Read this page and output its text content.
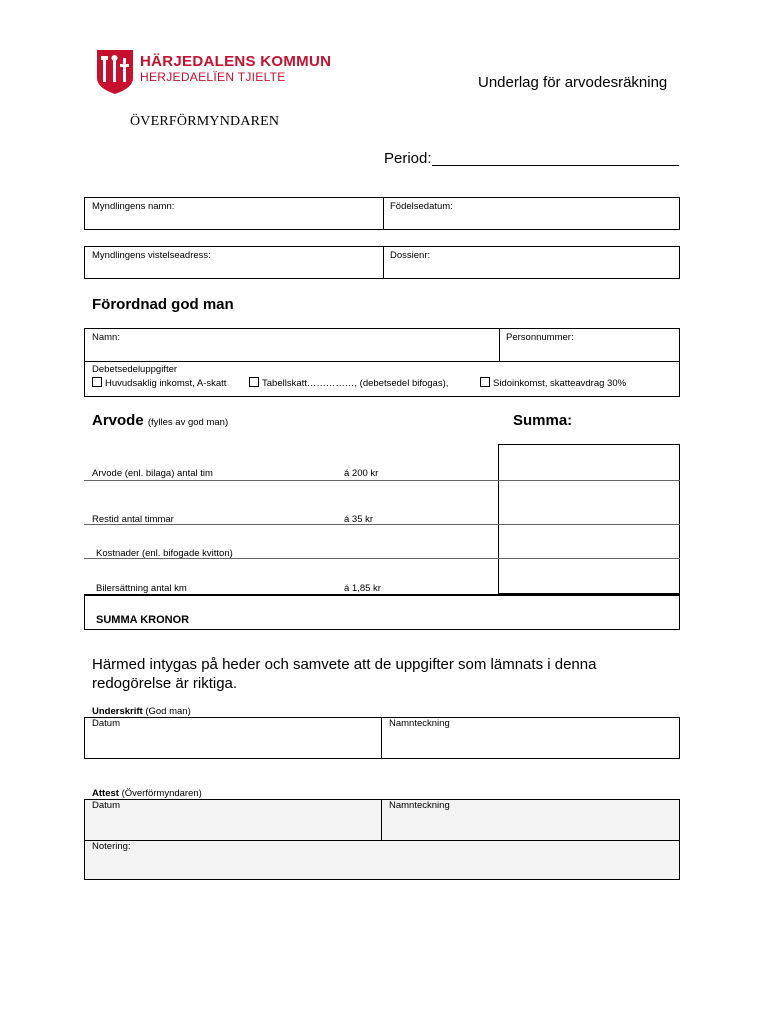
HÄRJEDALENS KOMMUN
HERJEDAELÏEN TJIELTE	Underlag för arvodesräkning
ÖVERFÖRMYNDAREN
Period:
Myndlingens namn:	Födelsedatum:
Myndlingens vistelseadress:	Dossienr:
Förordnad god man
Namn:	Personnummer:
Debetsedeluppgifter
Huvudsaklig inkomst, A-skatt	Tabellskatt……………, (debetsedel bifogas),	Sidoinkomst, skatteavdrag 30%
Arvode (fylles av god man)	Summa:
Arvode (enl. bilaga) antal tim	á 200 kr
Restid antal timmar	á 35 kr
Kostnader (enl. bifogade kvitton)
Bilersättning antal km	á 1,85 kr
SUMMA KRONOR
Härmed intygas på heder och samvete att de uppgifter som lämnats i denna redogörelse är riktiga.
Underskrift (God man)
Datum	Namnteckning
Attest (Överförmyndaren)
Datum	Namnteckning
Notering:
